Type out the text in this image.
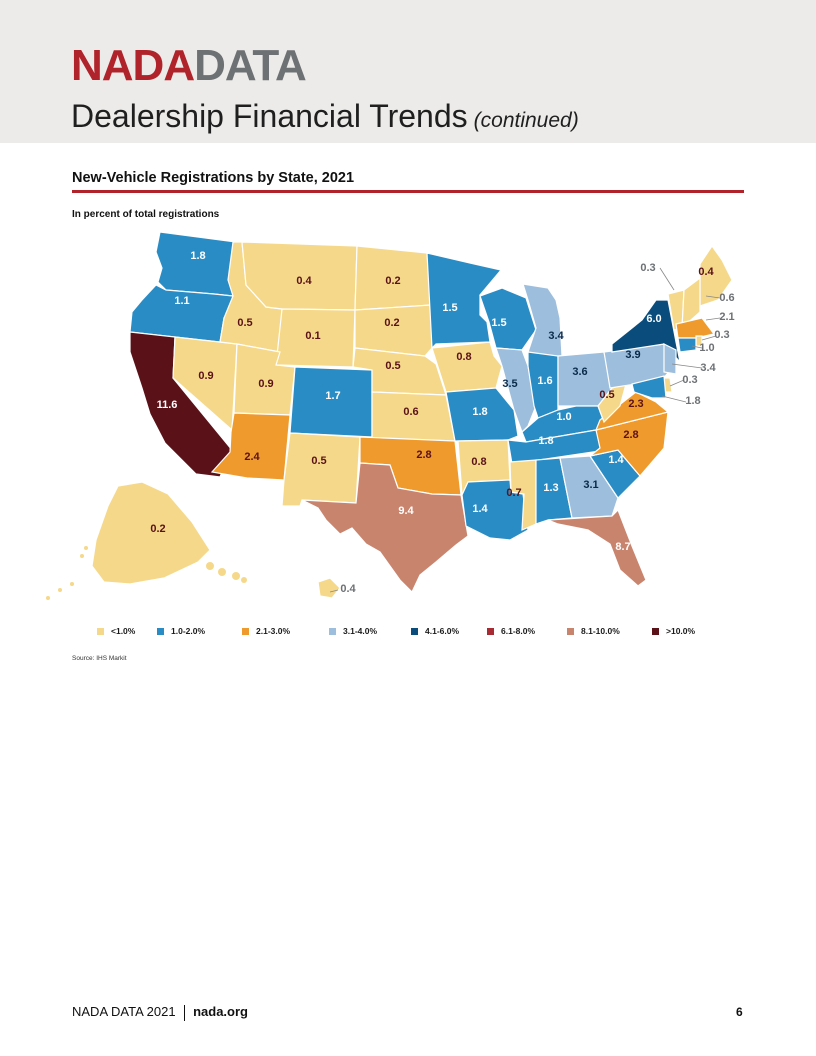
NADADATA
Dealership Financial Trends (continued)
New-Vehicle Registrations by State, 2021
In percent of total registrations
1.8
1.1
11.6
0.9
0.5
0.4
0.1
0.9
2.4
1.7
0.5
0.2
0.2
0.5
0.6
2.8
9.4
1.5
0.8
1.8
0.8
1.4
1.5
3.5
3.4
1.6
3.6
1.0
1.8
0.7 1.3 3.1
8.7
1.4
2.8
2.3
0.5
3.9
6.0
0.4
0.3
0.6
2.1
0.3
1.0
3.4
0.3
1.8
0.2
0.4
<1.0%	1.0-2.0%	2.1-3.0%	3.1-4.0%	4.1-6.0%	6.1-8.0%	8.1-10.0%	>10.0%
Source: IHS Markit
NADA DATA 2021 nada.org	6
